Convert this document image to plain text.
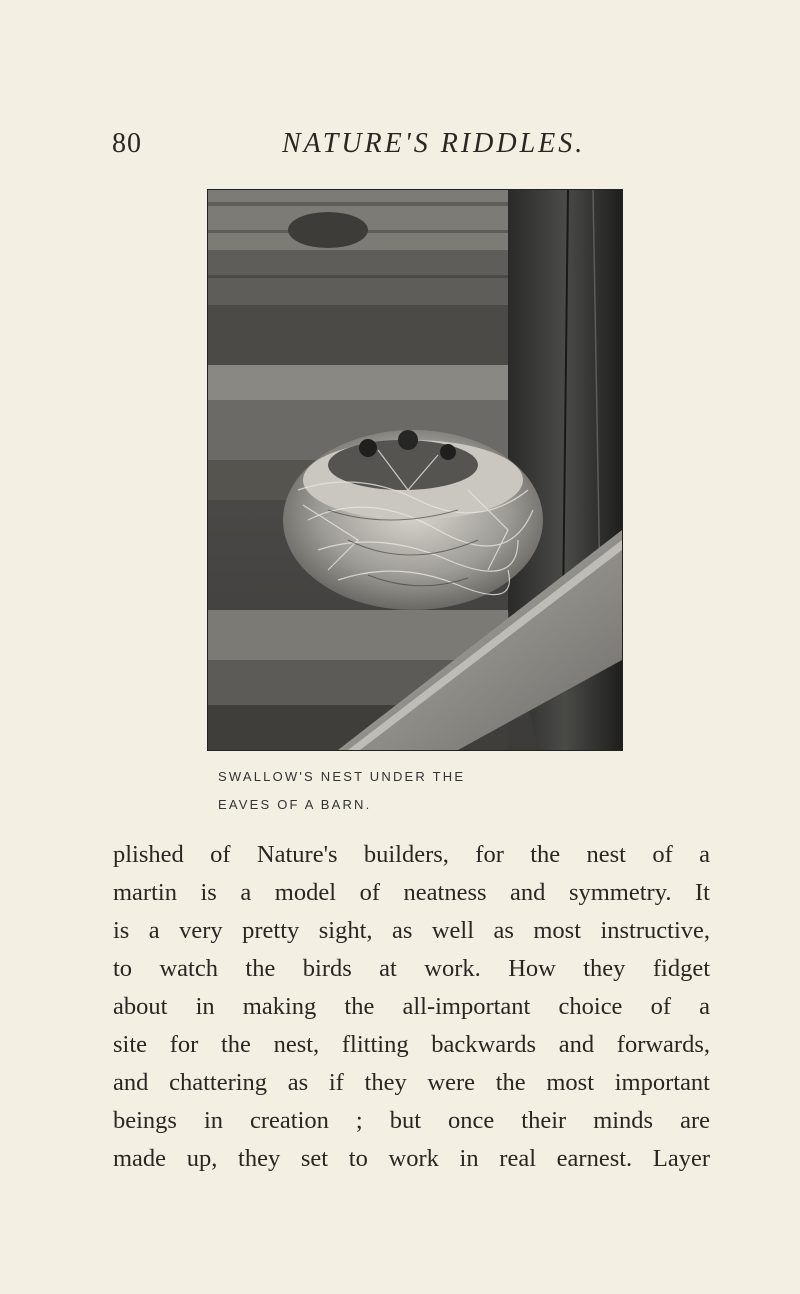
80	NATURE'S RIDDLES.
SWALLOW'S NEST UNDER THE
EAVES OF A BARN.
plished of Nature's builders, for the nest of a
martin is a model of neatness and symmetry. It
is a very pretty sight, as well as most instructive,
to watch the birds at work. How they fidget
about in making the all-important choice of a
site for the nest, flitting backwards and forwards,
and chattering as if they were the most important
beings in creation ; but once their minds are
made up, they set to work in real earnest. Layer
